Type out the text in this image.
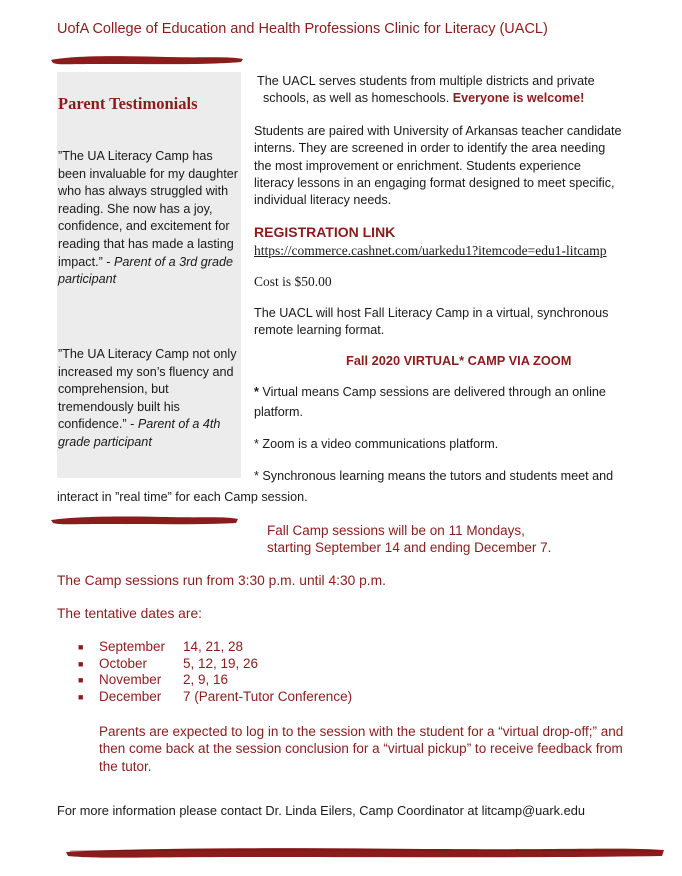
UofA College of Education and Health Professions Clinic for Literacy (UACL)
Parent Testimonials
”The UA Literacy Camp has been invaluable for my daughter who has always struggled with reading. She now has a joy, confidence, and excitement for reading that has made a lasting impact.” - Parent of a 3rd grade participant
”The UA Literacy Camp not only increased my son’s fluency and comprehension, but tremendously built his confidence.” - Parent of a 4th grade participant
The UACL serves students from multiple districts and private
schools, as well as homeschools. Everyone is welcome!
Students are paired with University of Arkansas teacher candidate interns. They are screened in order to identify the area needing the most improvement or enrichment. Students experience literacy lessons in an engaging format designed to meet specific, individual literacy needs.
REGISTRATION LINK
https://commerce.cashnet.com/uarkedu1?itemcode=edu1-litcamp
Cost is $50.00
The UACL will host Fall Literacy Camp in a virtual, synchronous remote learning format.
Fall 2020 VIRTUAL* CAMP VIA ZOOM
* Virtual means Camp sessions are delivered through an online
platform.
* Zoom is a video communications platform.
* Synchronous learning means the tutors and students meet and
interact in ”real time” for each Camp session.
Fall Camp sessions will be on 11 Mondays,
starting September 14 and ending December 7.
The Camp sessions run from 3:30 p.m. until 4:30 p.m.
The tentative dates are:
■ September 14, 21, 28
■ October	5, 12, 19, 26
■ November 2, 9, 16
■ December 7 (Parent-Tutor Conference)
Parents are expected to log in to the session with the student for a “virtual drop-off;” and then come back at the session conclusion for a “virtual pickup” to receive feedback from the tutor.
For more information please contact Dr. Linda Eilers, Camp Coordinator at litcamp@uark.edu
